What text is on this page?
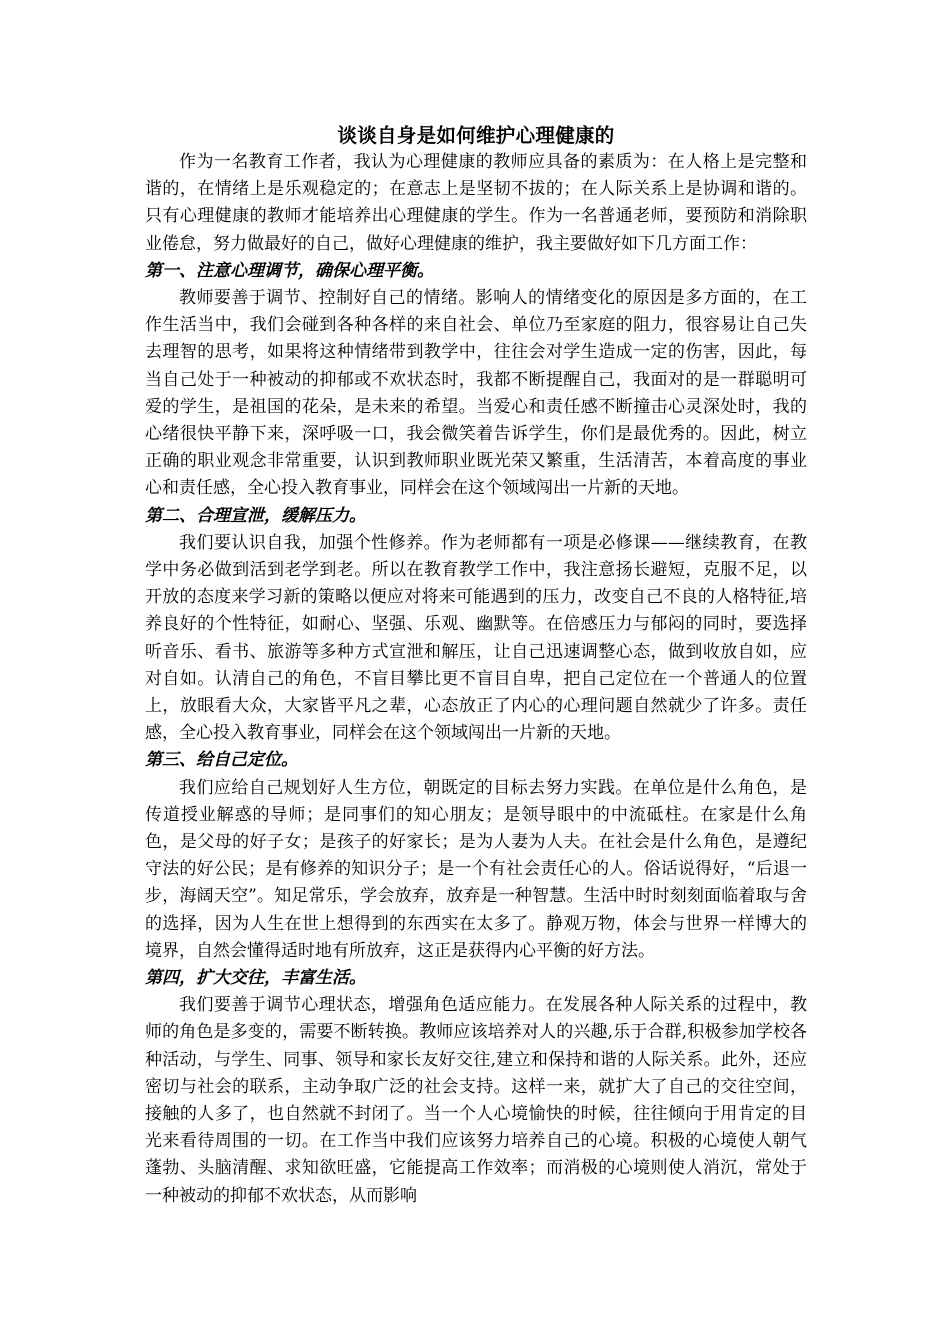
谈谈自身是如何维护心理健康的

作为一名教育工作者，我认为心理健康的教师应具备的素质为：在人格上是完整和谐的，在情绪上是乐观稳定的；在意志上是坚韧不拔的；在人际关系上是协调和谐的。只有心理健康的教师才能培养出心理健康的学生。作为一名普通老师，要预防和消除职业倦怠，努力做最好的自己，做好心理健康的维护，我主要做好如下几方面工作：

第一、注意心理调节，确保心理平衡。

教师要善于调节、控制好自己的情绪。影响人的情绪变化的原因是多方面的，在工作生活当中，我们会碰到各种各样的来自社会、单位乃至家庭的阻力，很容易让自己失去理智的思考，如果将这种情绪带到教学中，往往会对学生造成一定的伤害，因此，每当自己处于一种被动的抑郁或不欢状态时，我都不断提醒自己，我面对的是一群聪明可爱的学生，是祖国的花朵，是未来的希望。当爱心和责任感不断撞击心灵深处时，我的心绪很快平静下来，深呼吸一口，我会微笑着告诉学生，你们是最优秀的。因此，树立正确的职业观念非常重要，认识到教师职业既光荣又繁重，生活清苦，本着高度的事业心和责任感，全心投入教育事业，同样会在这个领域闯出一片新的天地。

第二、合理宣泄，缓解压力。

我们要认识自我，加强个性修养。作为老师都有一项是必修课——继续教育，在教学中务必做到活到老学到老。所以在教育教学工作中，我注意扬长避短，克服不足，以开放的态度来学习新的策略以便应对将来可能遇到的压力，改变自己不良的人格特征,培养良好的个性特征，如耐心、坚强、乐观、幽默等。在倍感压力与郁闷的同时，要选择听音乐、看书、旅游等多种方式宣泄和解压，让自己迅速调整心态，做到收放自如，应对自如。认清自己的角色，不盲目攀比更不盲目自卑，把自己定位在一个普通人的位置上，放眼看大众，大家皆平凡之辈，心态放正了内心的心理问题自然就少了许多。责任感，全心投入教育事业，同样会在这个领域闯出一片新的天地。

第三、给自己定位。

我们应给自己规划好人生方位，朝既定的目标去努力实践。在单位是什么角色，是传道授业解惑的导师；是同事们的知心朋友；是领导眼中的中流砥柱。在家是什么角色，是父母的好子女；是孩子的好家长；是为人妻为人夫。在社会是什么角色，是遵纪守法的好公民；是有修养的知识分子；是一个有社会责任心的人。俗话说得好，“后退一步，海阔天空”。知足常乐，学会放弃，放弃是一种智慧。生活中时时刻刻面临着取与舍的选择，因为人生在世上想得到的东西实在太多了。静观万物，体会与世界一样博大的境界，自然会懂得适时地有所放弃，这正是获得内心平衡的好方法。

第四，扩大交往，丰富生活。

我们要善于调节心理状态，增强角色适应能力。在发展各种人际关系的过程中，教师的角色是多变的，需要不断转换。教师应该培养对人的兴趣,乐于合群,积极参加学校各种活动，与学生、同事、领导和家长友好交往,建立和保持和谐的人际关系。此外，还应密切与社会的联系，主动争取广泛的社会支持。这样一来，就扩大了自己的交往空间，接触的人多了，也自然就不封闭了。当一个人心境愉快的时候，往往倾向于用肯定的目光来看待周围的一切。在工作当中我们应该努力培养自己的心境。积极的心境使人朝气蓬勃、头脑清醒、求知欲旺盛，它能提高工作效率；而消极的心境则使人消沉，常处于一种被动的抑郁不欢状态，从而影响
